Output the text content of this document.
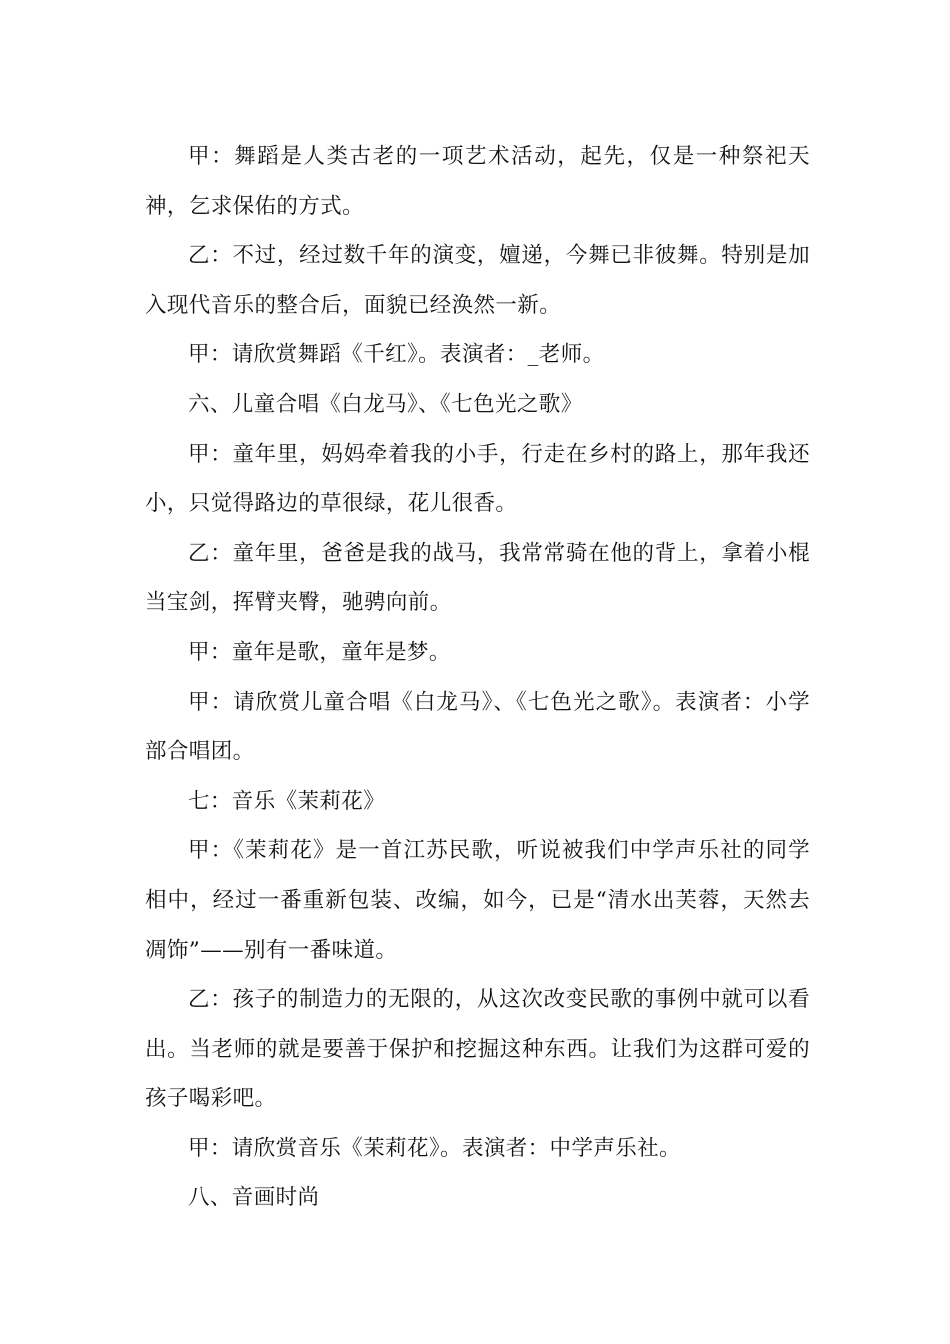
甲：舞蹈是人类古老的一项艺术活动，起先，仅是一种祭祀天神，乞求保佑的方式。

乙：不过，经过数千年的演变，嬗递，今舞已非彼舞。特别是加入现代音乐的整合后，面貌已经涣然一新。

甲：请欣赏舞蹈《千红》。表演者：_老师。

六、儿童合唱《白龙马》、《七色光之歌》

甲：童年里，妈妈牵着我的小手，行走在乡村的路上，那年我还小，只觉得路边的草很绿，花儿很香。

乙：童年里，爸爸是我的战马，我常常骑在他的背上，拿着小棍当宝剑，挥臂夹臀，驰骋向前。

甲：童年是歌，童年是梦。

甲：请欣赏儿童合唱《白龙马》、《七色光之歌》。表演者：小学部合唱团。

七：音乐《茉莉花》

甲：《茉莉花》是一首江苏民歌，听说被我们中学声乐社的同学相中，经过一番重新包装、改编，如今，已是“清水出芙蓉，天然去凋饰”——别有一番味道。

乙：孩子的制造力的无限的，从这次改变民歌的事例中就可以看出。当老师的就是要善于保护和挖掘这种东西。让我们为这群可爱的孩子喝彩吧。

甲：请欣赏音乐《茉莉花》。表演者：中学声乐社。

八、音画时尚
